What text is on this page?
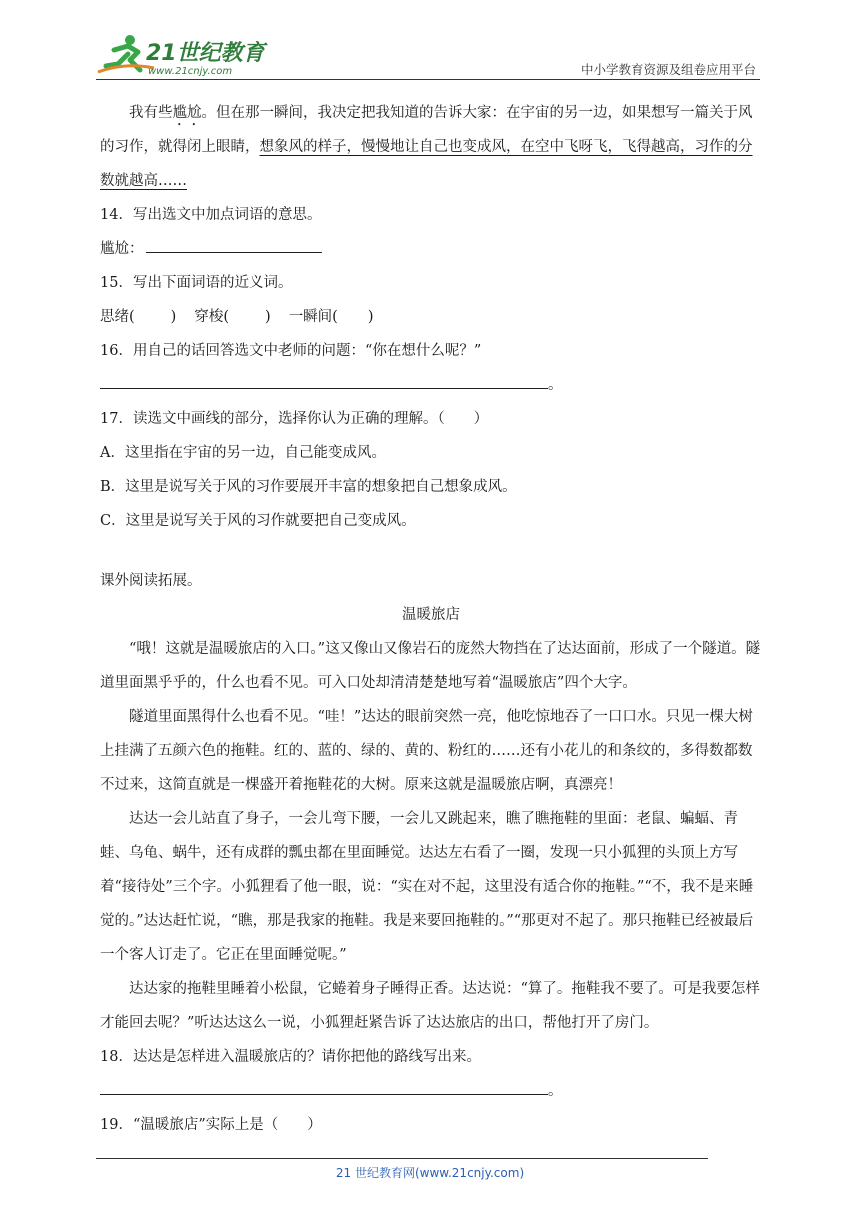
21世纪教育
www.21cnjy.com	中小学教育资源及组卷应用平台

我有些尴尬。但在那一瞬间，我决定把我知道的告诉大家：在宇宙的另一边，如果想写一篇关于风的习作，就得闭上眼睛，想象风的样子，慢慢地让自己也变成风，在空中飞呀飞，飞得越高，习作的分数就越高……

14．写出选文中加点词语的意思。

尴尬：

15．写出下面词语的近义词。

思绪( ) 穿梭( ) 一瞬间( )

16．用自己的话回答选文中老师的问题：“你在想什么呢？”

。

17．读选文中画线的部分，选择你认为正确的理解。（　　）

A．这里指在宇宙的另一边，自己能变成风。

B．这里是说写关于风的习作要展开丰富的想象把自己想象成风。

C．这里是说写关于风的习作就要把自己变成风。

课外阅读拓展。

温暖旅店

“哦！这就是温暖旅店的入口。”这又像山又像岩石的庞然大物挡在了达达面前，形成了一个隧道。隧道里面黑乎乎的，什么也看不见。可入口处却清清楚楚地写着“温暖旅店”四个大字。

隧道里面黑得什么也看不见。“哇！”达达的眼前突然一亮，他吃惊地吞了一口口水。只见一棵大树上挂满了五颜六色的拖鞋。红的、蓝的、绿的、黄的、粉红的……还有小花儿的和条纹的，多得数都数不过来，这简直就是一棵盛开着拖鞋花的大树。原来这就是温暖旅店啊，真漂亮！

达达一会儿站直了身子，一会儿弯下腰，一会儿又跳起来，瞧了瞧拖鞋的里面：老鼠、蝙蝠、青蛙、乌龟、蜗牛，还有成群的瓢虫都在里面睡觉。达达左右看了一圈，发现一只小狐狸的头顶上方写着“接待处”三个字。小狐狸看了他一眼，说：“实在对不起，这里没有适合你的拖鞋。”“不，我不是来睡觉的。”达达赶忙说，“瞧，那是我家的拖鞋。我是来要回拖鞋的。”“那更对不起了。那只拖鞋已经被最后一个客人订走了。它正在里面睡觉呢。”

达达家的拖鞋里睡着小松鼠，它蜷着身子睡得正香。达达说：“算了。拖鞋我不要了。可是我要怎样才能回去呢？”听达达这么一说，小狐狸赶紧告诉了达达旅店的出口，帮他打开了房门。

18．达达是怎样进入温暖旅店的？请你把他的路线写出来。

。

19．“温暖旅店”实际上是（　　）

21 世纪教育网(www.21cnjy.com)
